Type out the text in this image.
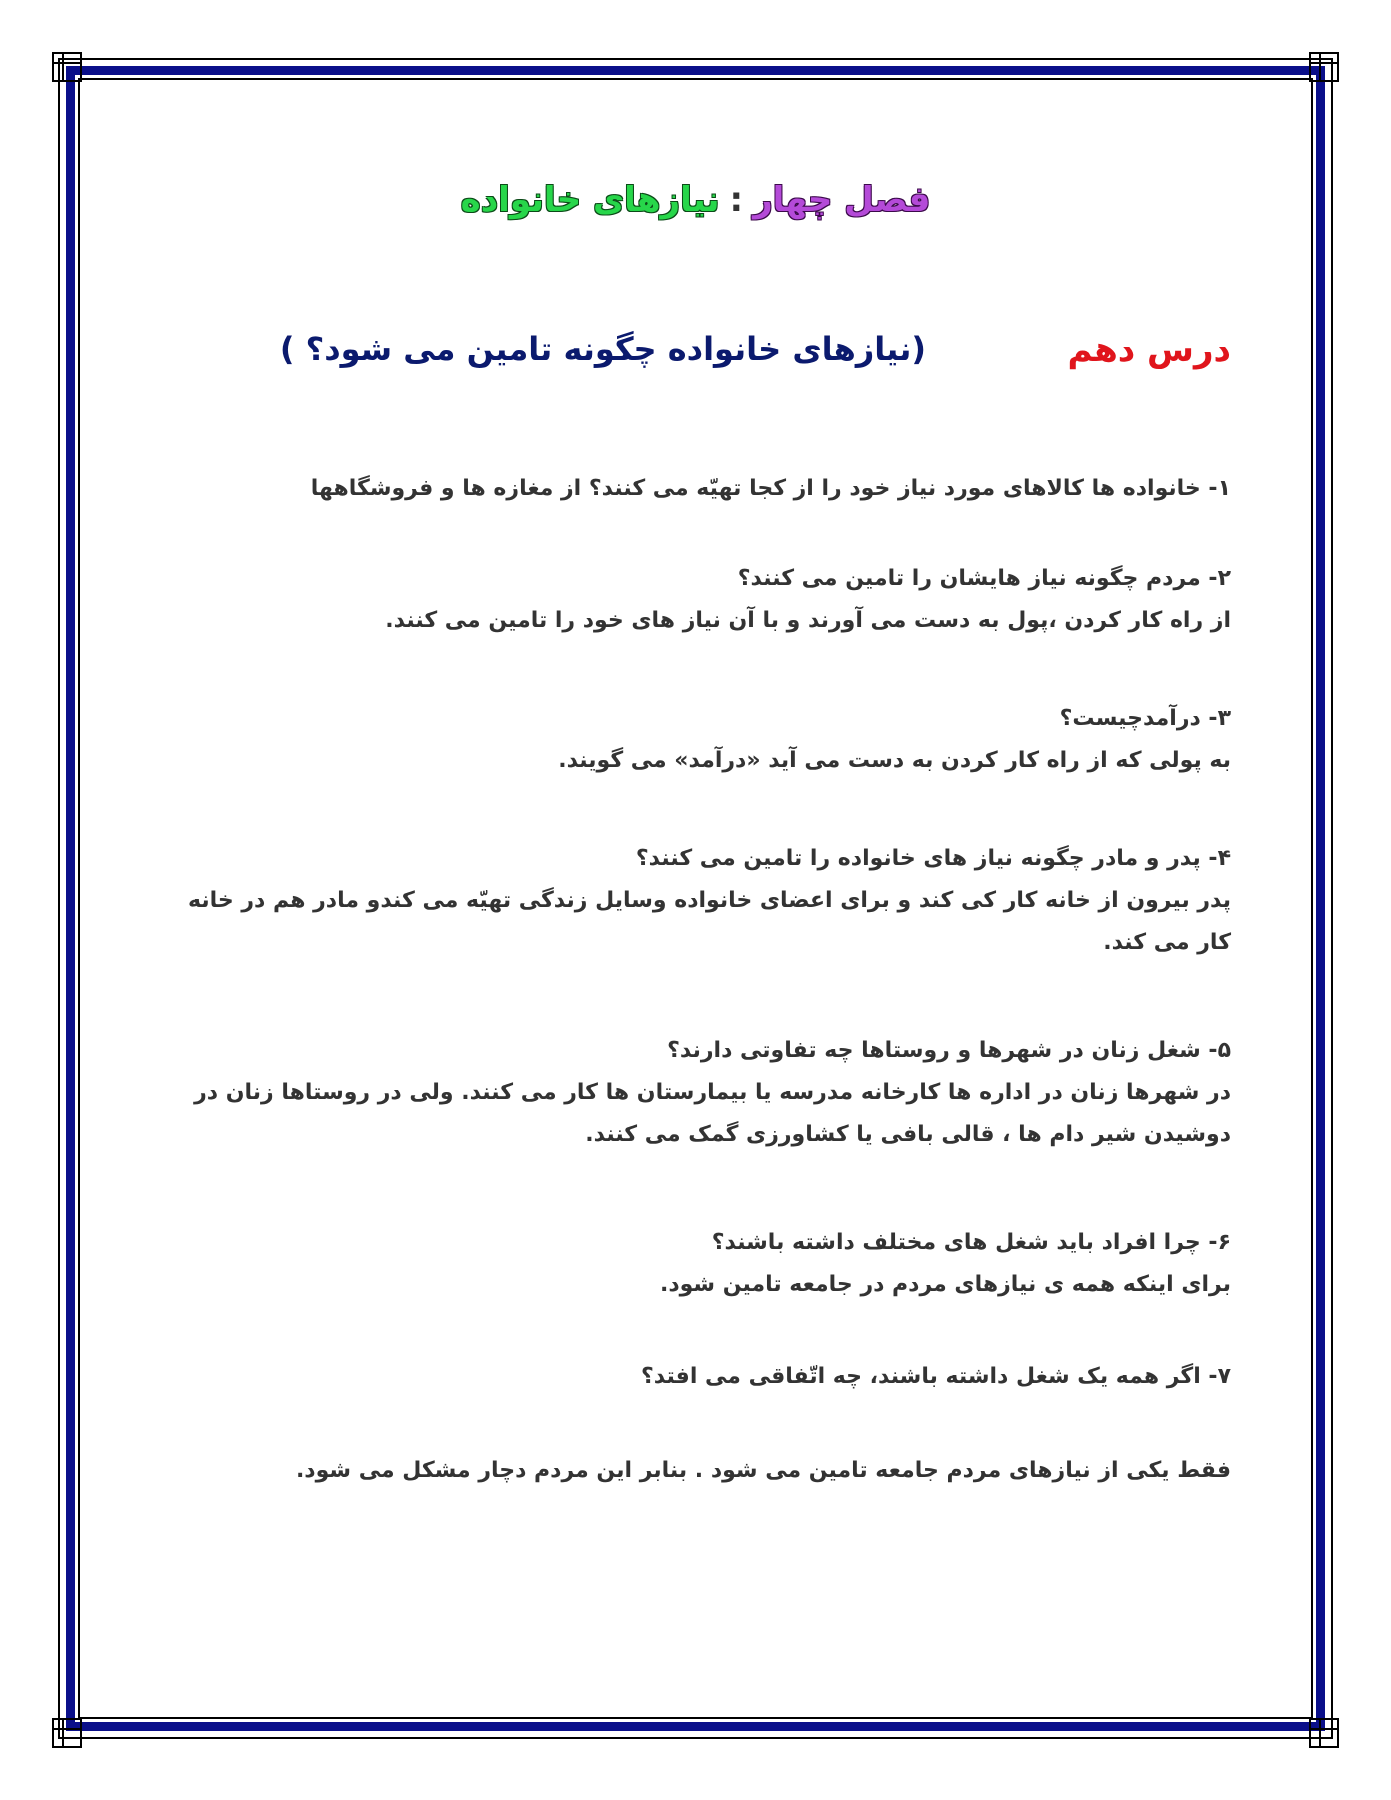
فصل چهار:نیازهای خانواده
درس دهم
(نیازهای خانواده چگونه تامین می شود؟ )

۱- خانواده ها کالاهای مورد نیاز خود را از کجا تهیّه می کنند؟ از مغازه ها و فروشگاهها

۲- مردم چگونه نیاز هایشان را تامین می کنند؟

از راه کار کردن ،پول به دست می آورند و با آن نیاز های خود را تامین می کنند.

۳- درآمدچیست؟

به پولی که از راه کار کردن به دست می آید «درآمد» می گویند.

۴- پدر و مادر چگونه نیاز های خانواده را تامین می کنند؟

پدر بیرون از خانه کار کی کند و برای اعضای خانواده وسایل زندگی تهیّه می کندو مادر هم در خانه

کار می کند.

۵- شغل زنان در شهرها و روستاها چه تفاوتی دارند؟

در شهرها زنان در اداره ها کارخانه مدرسه یا بیمارستان ها کار می کنند. ولی در روستاها زنان در

دوشیدن شیر دام ها ، قالی بافی یا کشاورزی گمک می کنند.

۶- چرا افراد باید شغل های مختلف داشته باشند؟

برای اینکه همه ی نیازهای مردم در جامعه تامین شود.

۷- اگر همه یک شغل داشته باشند، چه اتّفاقی می افتد؟

فقط یکی از نیازهای مردم جامعه تامین می شود . بنابر این مردم دچار مشکل می شود.
